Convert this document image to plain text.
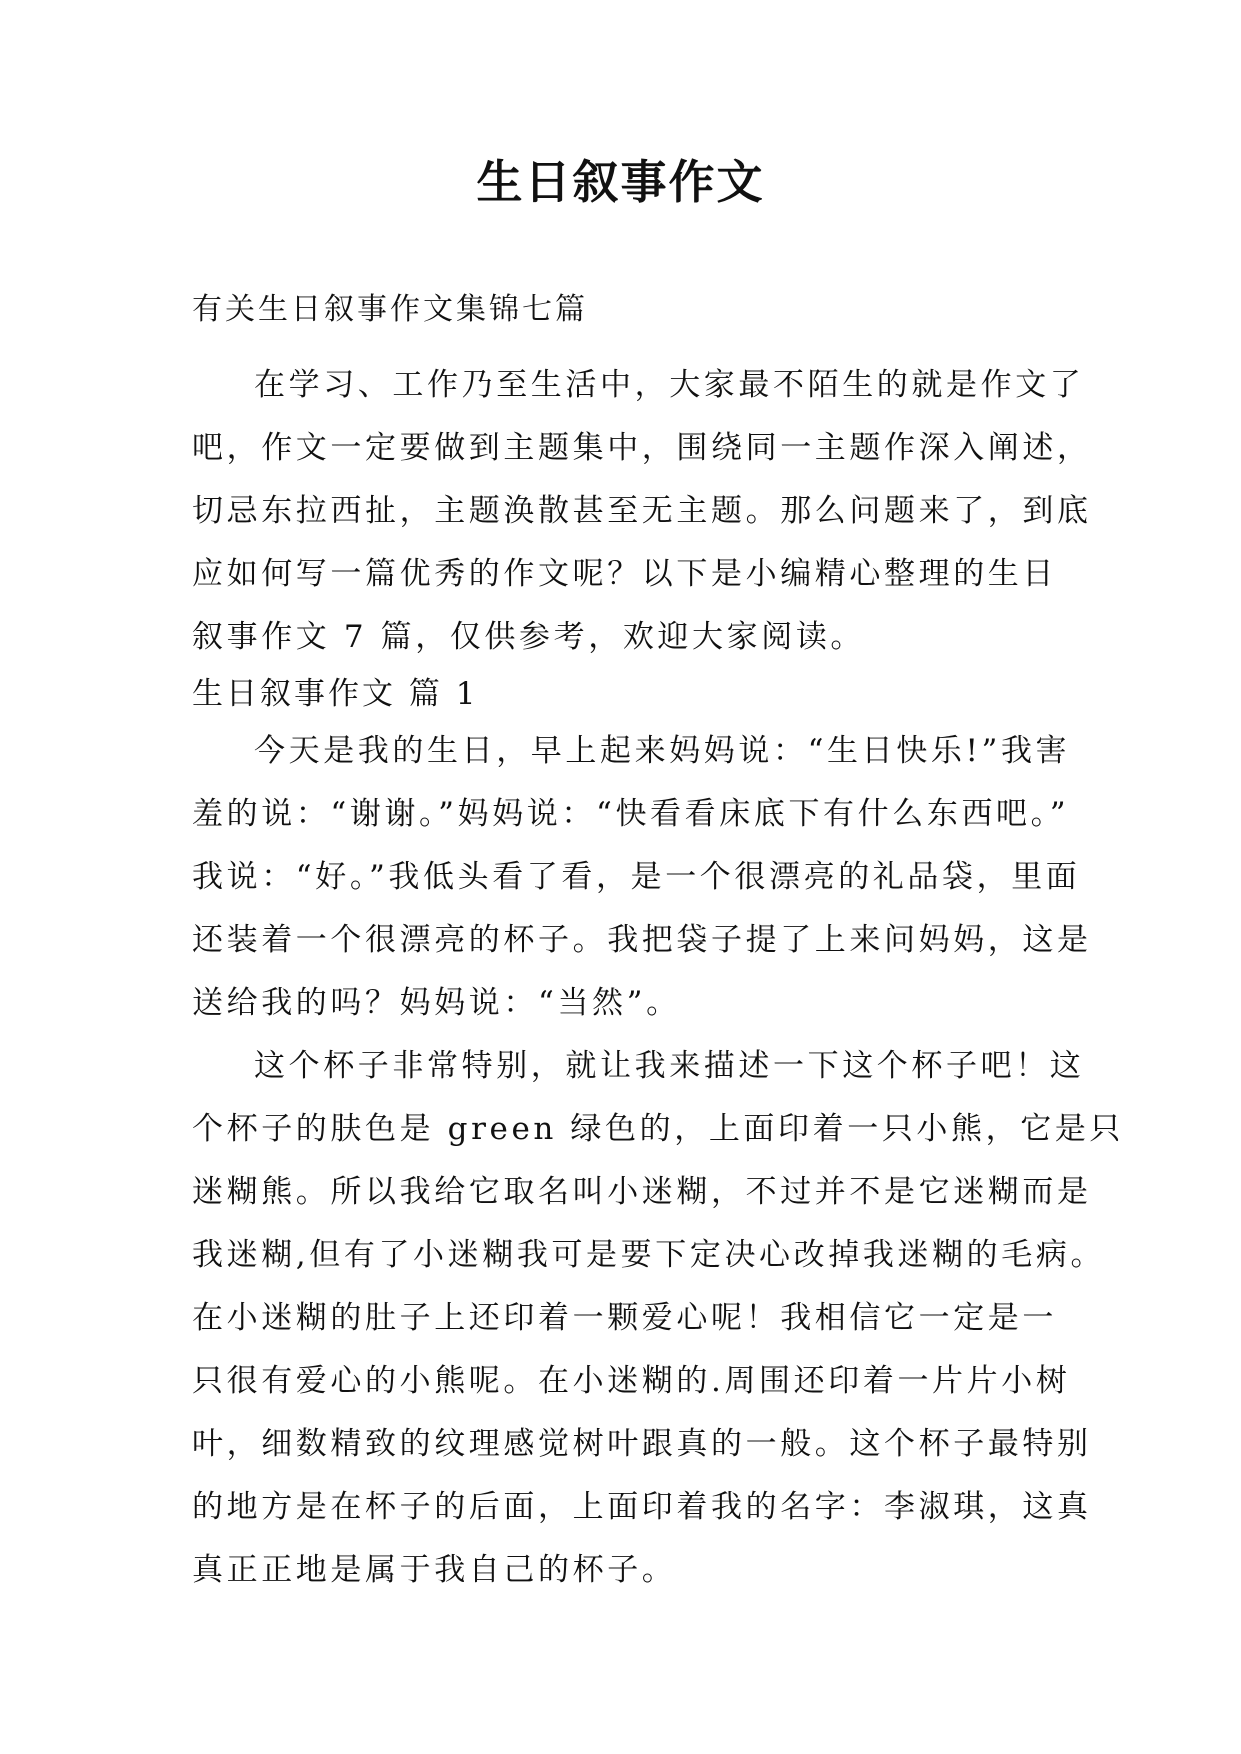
生日叙事作文
有关生日叙事作文集锦七篇
在学习、工作乃至生活中，大家最不陌生的就是作文了
吧，作文一定要做到主题集中，围绕同一主题作深入阐述，
切忌东拉西扯，主题涣散甚至无主题。那么问题来了，到底
应如何写一篇优秀的作文呢？以下是小编精心整理的生日
叙事作文 7 篇，仅供参考，欢迎大家阅读。
生日叙事作文 篇 1
今天是我的生日，早上起来妈妈说：“生日快乐!”我害
羞的说：“谢谢。”妈妈说：“快看看床底下有什么东西吧。”
我说：“好。”我低头看了看，是一个很漂亮的礼品袋，里面
还装着一个很漂亮的杯子。我把袋子提了上来问妈妈，这是
送给我的吗？妈妈说：“当然”。
这个杯子非常特别，就让我来描述一下这个杯子吧！这
个杯子的肤色是 green 绿色的，上面印着一只小熊，它是只
迷糊熊。所以我给它取名叫小迷糊，不过并不是它迷糊而是
我迷糊,但有了小迷糊我可是要下定决心改掉我迷糊的毛病。
在小迷糊的肚子上还印着一颗爱心呢！我相信它一定是一
只很有爱心的小熊呢。在小迷糊的.周围还印着一片片小树
叶，细数精致的纹理感觉树叶跟真的一般。这个杯子最特别
的地方是在杯子的后面，上面印着我的名字：李淑琪，这真
真正正地是属于我自己的杯子。
